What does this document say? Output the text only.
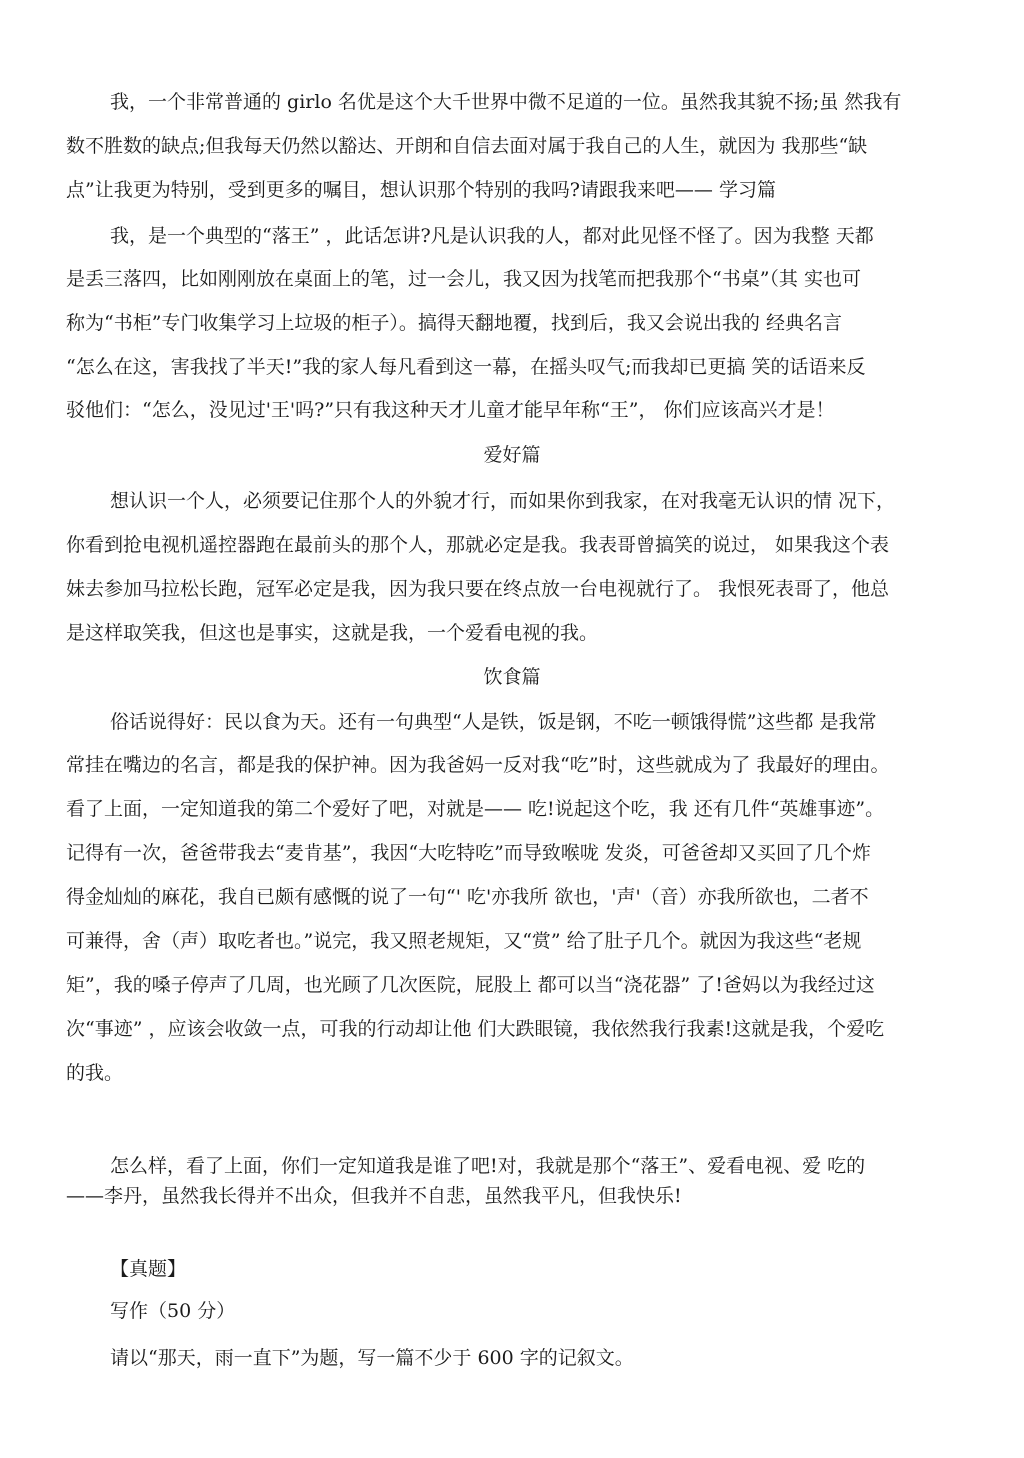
我，一个非常普通的 girlo 名优是这个大千世界中微不足道的一位。虽然我其貌不扬;虽 然我有
数不胜数的缺点;但我每天仍然以豁达、开朗和自信去面对属于我自己的人生，就因为 我那些“缺
点”让我更为特别，受到更多的嘱目，想认识那个特别的我吗?请跟我来吧—— 学习篇
我，是一个典型的“落王” ，此话怎讲?凡是认识我的人，都对此见怪不怪了。因为我整 天都
是丢三落四，比如刚刚放在桌面上的笔，过一会儿，我又因为找笔而把我那个“书桌”（其 实也可
称为“书柜”专门收集学习上垃圾的柜子）。搞得天翻地覆，找到后，我又会说出我的 经典名言
“怎么在这，害我找了半天!”我的家人每凡看到这一幕，在摇头叹气;而我却已更搞 笑的话语来反
驳他们：“怎么，没见过'王'吗?”只有我这种天才儿童才能早年称“王”， 你们应该高兴才是！
爱好篇
想认识一个人，必须要记住那个人的外貌才行，而如果你到我家，在对我毫无认识的情 况下，
你看到抢电视机遥控器跑在最前头的那个人，那就必定是我。我表哥曾搞笑的说过， 如果我这个表
妹去参加马拉松长跑，冠军必定是我，因为我只要在终点放一台电视就行了。 我恨死表哥了，他总
是这样取笑我，但这也是事实，这就是我，一个爱看电视的我。
饮食篇
俗话说得好：民以食为天。还有一句典型“人是铁，饭是钢，不吃一顿饿得慌”这些都 是我常
常挂在嘴边的名言，都是我的保护神。因为我爸妈一反对我“吃”时，这些就成为了 我最好的理由。
看了上面，一定知道我的第二个爱好了吧，对就是—— 吃!说起这个吃，我 还有几件“英雄事迹”。
记得有一次，爸爸带我去“麦肯基”，我因“大吃特吃”而导致喉咙 发炎，可爸爸却又买回了几个炸
得金灿灿的麻花，我自已颇有感慨的说了一句“' 吃'亦我所 欲也，'声'（音）亦我所欲也，二者不
可兼得，舍（声）取吃者也。”说完，我又照老规矩，又“赏” 给了肚子几个。就因为我这些“老规
矩”，我的嗓子停声了几周，也光顾了几次医院，屁股上 都可以当“浇花器” 了!爸妈以为我经过这
次“事迹” ，应该会收敛一点，可我的行动却让他 们大跌眼镜，我依然我行我素!这就是我，个爱吃
的我。
怎么样，看了上面，你们一定知道我是谁了吧!对，我就是那个“落王”、爱看电视、爱 吃的
——李丹，虽然我长得并不出众，但我并不自悲，虽然我平凡，但我快乐!
【真题】
写作（50 分）
请以“那天，雨一直下”为题，写一篇不少于 600 字的记叙文。
